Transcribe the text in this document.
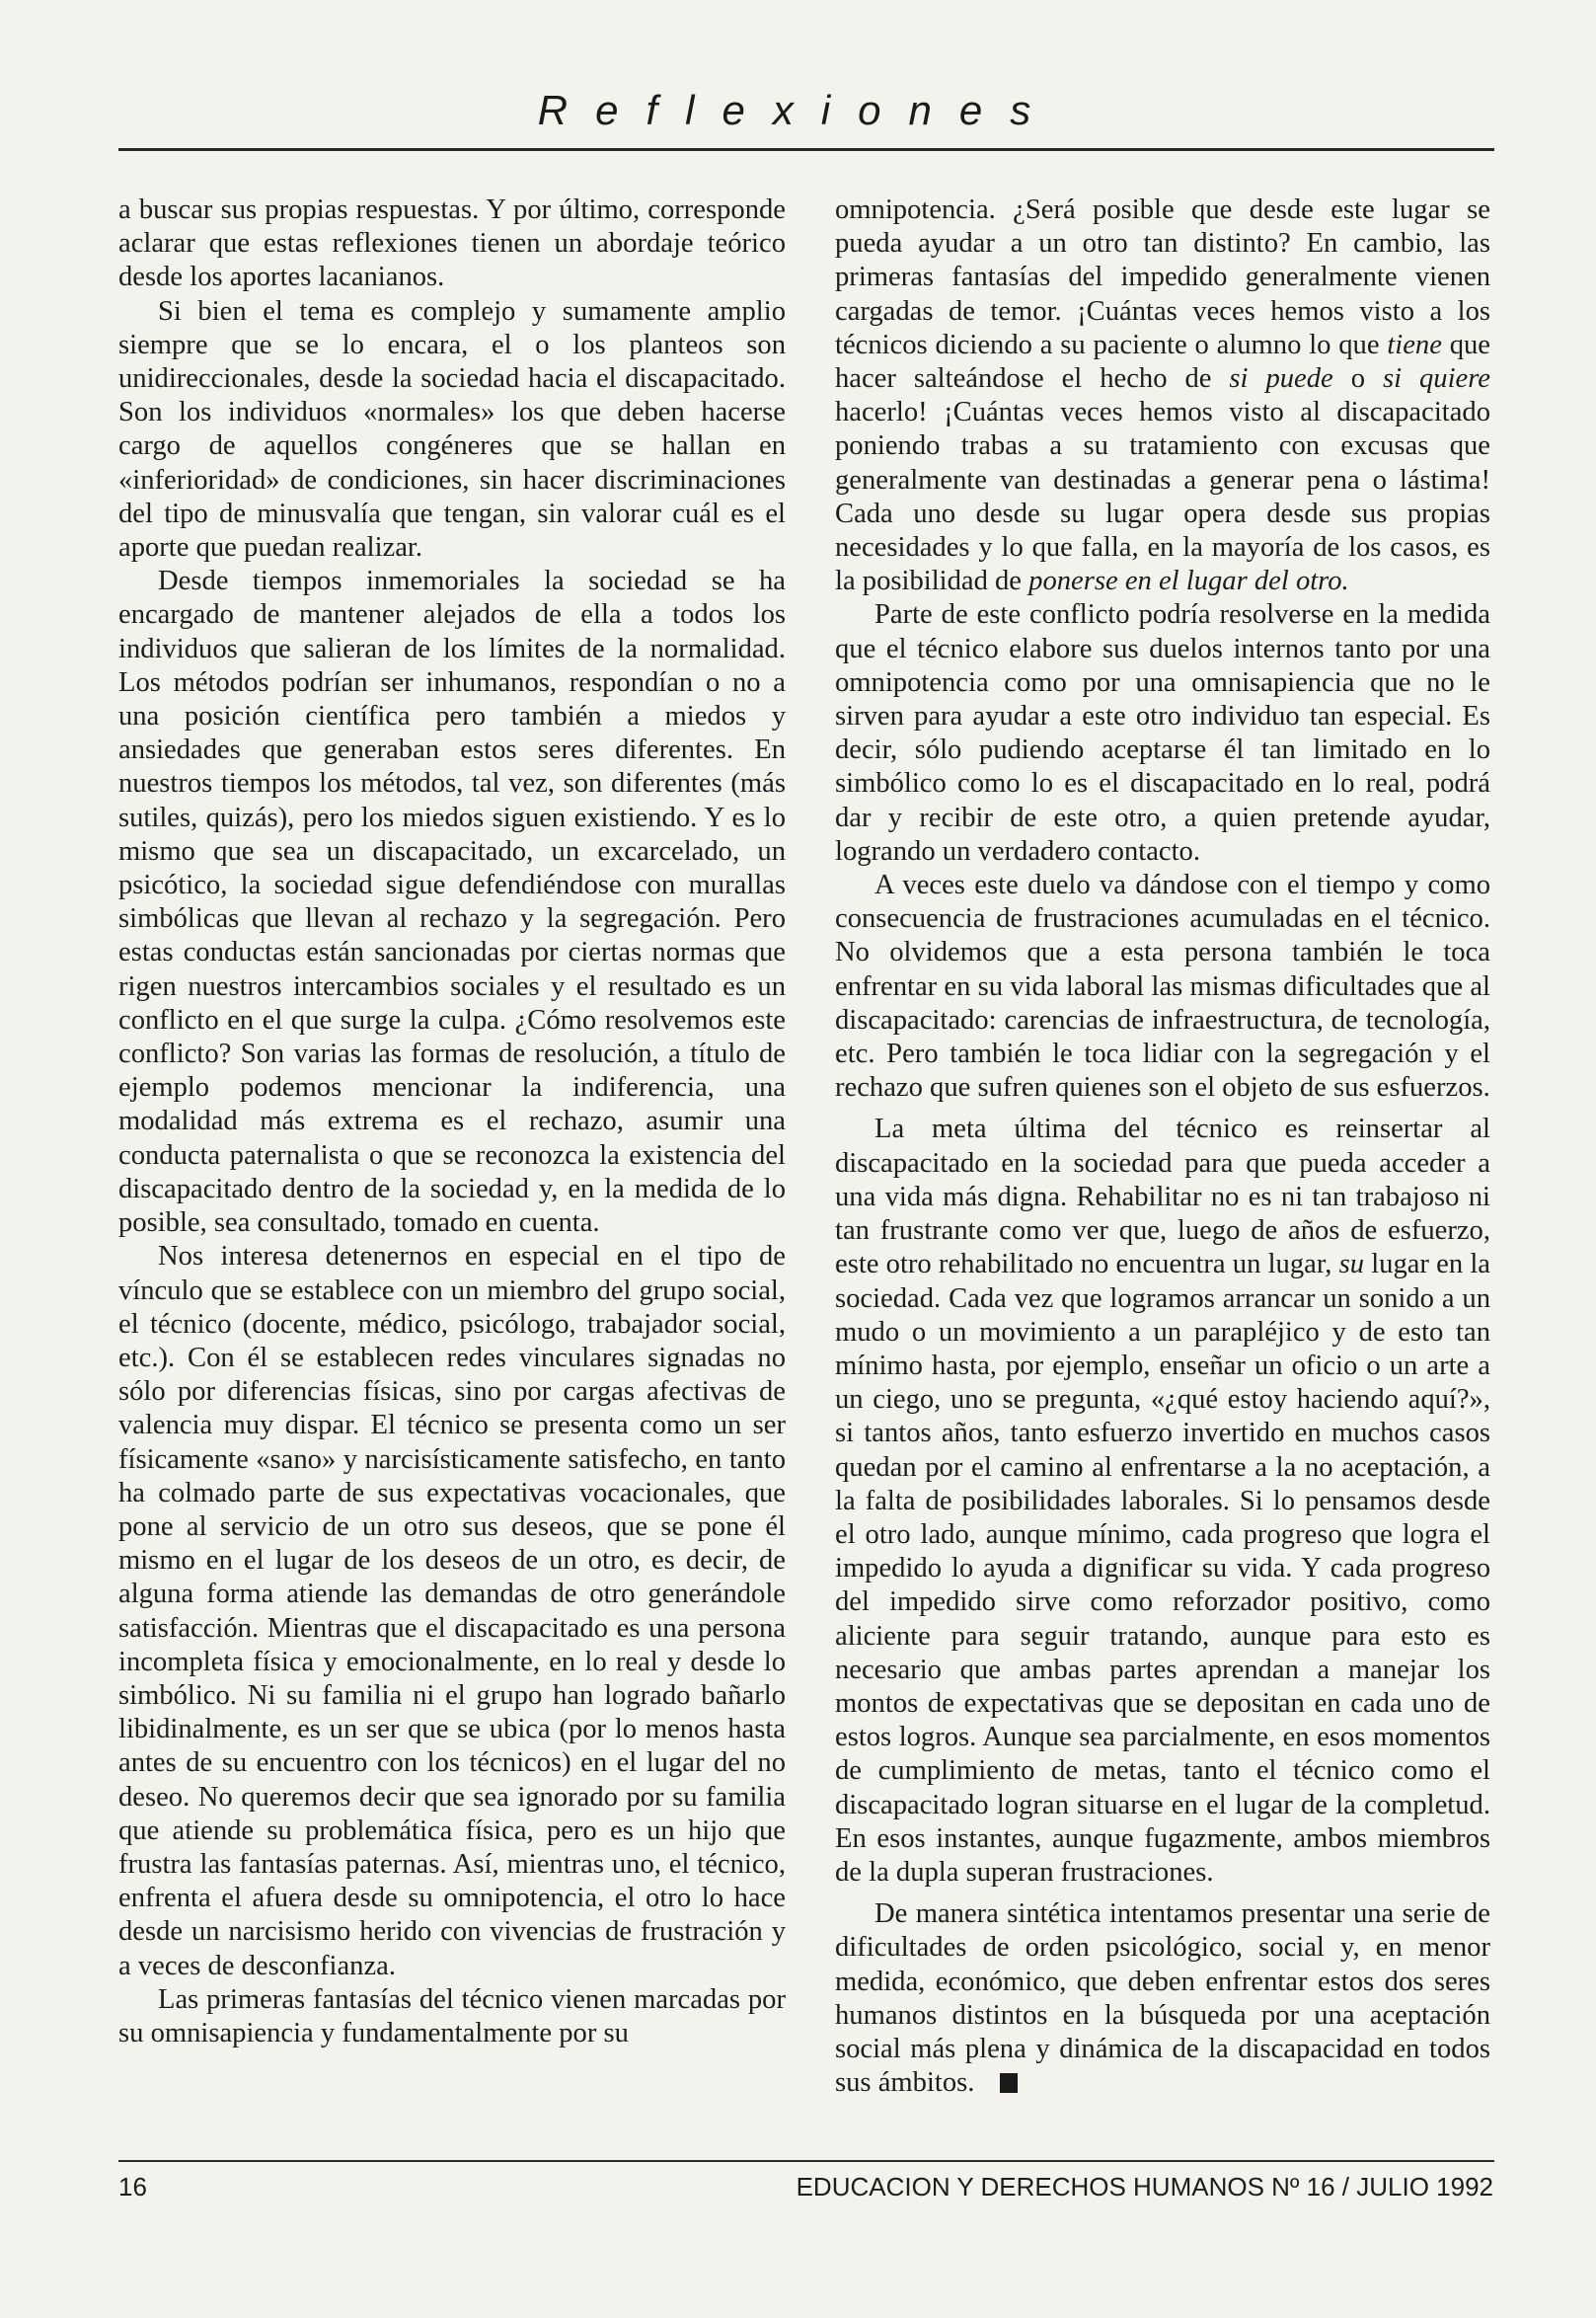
Reflexiones

a buscar sus propias respuestas. Y por último, corresponde aclarar que estas reflexiones tienen un abordaje teórico desde los aportes lacanianos.

Si bien el tema es complejo y sumamente amplio siempre que se lo encara, el o los planteos son unidireccionales, desde la sociedad hacia el discapacitado. Son los individuos «normales» los que deben hacerse cargo de aquellos congéneres que se hallan en «inferioridad» de condiciones, sin hacer discriminaciones del tipo de minusvalía que tengan, sin valorar cuál es el aporte que puedan realizar.

Desde tiempos inmemoriales la sociedad se ha encargado de mantener alejados de ella a todos los individuos que salieran de los límites de la normalidad. Los métodos podrían ser inhumanos, respondían o no a una posición científica pero también a miedos y ansiedades que generaban estos seres diferentes. En nuestros tiempos los métodos, tal vez, son diferentes (más sutiles, quizás), pero los miedos siguen existiendo. Y es lo mismo que sea un discapacitado, un excarcelado, un psicótico, la sociedad sigue defendiéndose con murallas simbólicas que llevan al rechazo y la segregación. Pero estas conductas están sancionadas por ciertas normas que rigen nuestros intercambios sociales y el resultado es un conflicto en el que surge la culpa. ¿Cómo resolvemos este conflicto? Son varias las formas de resolución, a título de ejemplo podemos mencionar la indiferencia, una modalidad más extrema es el rechazo, asumir una conducta paternalista o que se reconozca la existencia del discapacitado dentro de la sociedad y, en la medida de lo posible, sea consultado, tomado en cuenta.

Nos interesa detenernos en especial en el tipo de vínculo que se establece con un miembro del grupo social, el técnico (docente, médico, psicólogo, trabajador social, etc.). Con él se establecen redes vinculares signadas no sólo por diferencias físicas, sino por cargas afectivas de valencia muy dispar. El técnico se presenta como un ser físicamente «sano» y narcisísticamente satisfecho, en tanto ha colmado parte de sus expectativas vocacionales, que pone al servicio de un otro sus deseos, que se pone él mismo en el lugar de los deseos de un otro, es decir, de alguna forma atiende las demandas de otro generándole satisfacción. Mientras que el discapacitado es una persona incompleta física y emocionalmente, en lo real y desde lo simbólico. Ni su familia ni el grupo han logrado bañarlo libidinalmente, es un ser que se ubica (por lo menos hasta antes de su encuentro con los técnicos) en el lugar del no deseo. No queremos decir que sea ignorado por su familia que atiende su problemática física, pero es un hijo que frustra las fantasías paternas. Así, mientras uno, el técnico, enfrenta el afuera desde su omnipotencia, el otro lo hace desde un narcisismo herido con vivencias de frustración y a veces de desconfianza.

Las primeras fantasías del técnico vienen marcadas por su omnisapiencia y fundamentalmente por su

omnipotencia. ¿Será posible que desde este lugar se pueda ayudar a un otro tan distinto? En cambio, las primeras fantasías del impedido generalmente vienen cargadas de temor. ¡Cuántas veces hemos visto a los técnicos diciendo a su paciente o alumno lo que tiene que hacer salteándose el hecho de si puede o si quiere hacerlo! ¡Cuántas veces hemos visto al discapacitado poniendo trabas a su tratamiento con excusas que generalmente van destinadas a generar pena o lástima! Cada uno desde su lugar opera desde sus propias necesidades y lo que falla, en la mayoría de los casos, es la posibilidad de ponerse en el lugar del otro.

Parte de este conflicto podría resolverse en la medida que el técnico elabore sus duelos internos tanto por una omnipotencia como por una omnisapiencia que no le sirven para ayudar a este otro individuo tan especial. Es decir, sólo pudiendo aceptarse él tan limitado en lo simbólico como lo es el discapacitado en lo real, podrá dar y recibir de este otro, a quien pretende ayudar, logrando un verdadero contacto.

A veces este duelo va dándose con el tiempo y como consecuencia de frustraciones acumuladas en el técnico. No olvidemos que a esta persona también le toca enfrentar en su vida laboral las mismas dificultades que al discapacitado: carencias de infraestructura, de tecnología, etc. Pero también le toca lidiar con la segregación y el rechazo que sufren quienes son el objeto de sus esfuerzos.

La meta última del técnico es reinsertar al discapacitado en la sociedad para que pueda acceder a una vida más digna. Rehabilitar no es ni tan trabajoso ni tan frustrante como ver que, luego de años de esfuerzo, este otro rehabilitado no encuentra un lugar, su lugar en la sociedad. Cada vez que logramos arrancar un sonido a un mudo o un movimiento a un parapléjico y de esto tan mínimo hasta, por ejemplo, enseñar un oficio o un arte a un ciego, uno se pregunta, «¿qué estoy haciendo aquí?», si tantos años, tanto esfuerzo invertido en muchos casos quedan por el camino al enfrentarse a la no aceptación, a la falta de posibilidades laborales. Si lo pensamos desde el otro lado, aunque mínimo, cada progreso que logra el impedido lo ayuda a dignificar su vida. Y cada progreso del impedido sirve como reforzador positivo, como aliciente para seguir tratando, aunque para esto es necesario que ambas partes aprendan a manejar los montos de expectativas que se depositan en cada uno de estos logros. Aunque sea parcialmente, en esos momentos de cumplimiento de metas, tanto el técnico como el discapacitado logran situarse en el lugar de la completud. En esos instantes, aunque fugazmente, ambos miembros de la dupla superan frustraciones.

De manera sintética intentamos presentar una serie de dificultades de orden psicológico, social y, en menor medida, económico, que deben enfrentar estos dos seres humanos distintos en la búsqueda por una aceptación social más plena y dinámica de la discapacidad en todos sus ámbitos.

16	EDUCACION Y DERECHOS HUMANOS Nº 16 / JULIO 1992
